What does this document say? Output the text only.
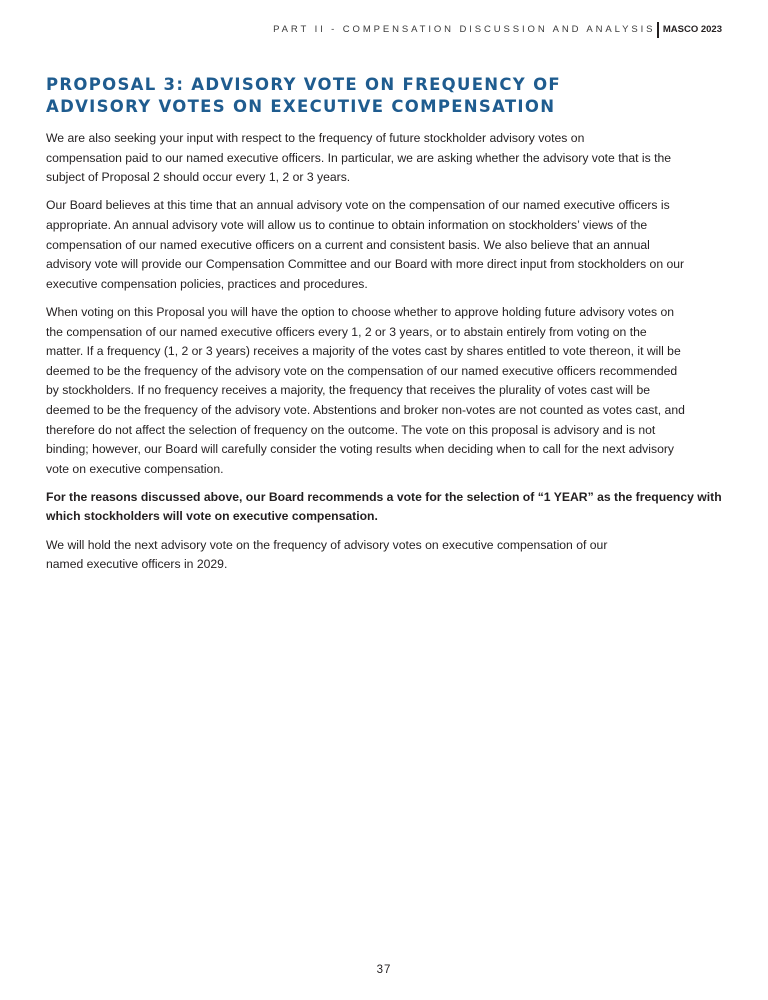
PART II - COMPENSATION DISCUSSION AND ANALYSIS MASCO 2023
PROPOSAL 3: ADVISORY VOTE ON FREQUENCY OF
ADVISORY VOTES ON EXECUTIVE COMPENSATION

We are also seeking your input with respect to the frequency of future stockholder advisory votes on
compensation paid to our named executive officers. In particular, we are asking whether the advisory vote that is the
subject of Proposal 2 should occur every 1, 2 or 3 years.

Our Board believes at this time that an annual advisory vote on the compensation of our named executive officers is
appropriate. An annual advisory vote will allow us to continue to obtain information on stockholders’ views of the
compensation of our named executive officers on a current and consistent basis. We also believe that an annual
advisory vote will provide our Compensation Committee and our Board with more direct input from stockholders on our
executive compensation policies, practices and procedures.

When voting on this Proposal you will have the option to choose whether to approve holding future advisory votes on
the compensation of our named executive officers every 1, 2 or 3 years, or to abstain entirely from voting on the
matter. If a frequency (1, 2 or 3 years) receives a majority of the votes cast by shares entitled to vote thereon, it will be
deemed to be the frequency of the advisory vote on the compensation of our named executive officers recommended
by stockholders. If no frequency receives a majority, the frequency that receives the plurality of votes cast will be
deemed to be the frequency of the advisory vote. Abstentions and broker non-votes are not counted as votes cast, and
therefore do not affect the selection of frequency on the outcome. The vote on this proposal is advisory and is not
binding; however, our Board will carefully consider the voting results when deciding when to call for the next advisory
vote on executive compensation.

For the reasons discussed above, our Board recommends a vote for the selection of “1 YEAR” as the frequency with
which stockholders will vote on executive compensation.

We will hold the next advisory vote on the frequency of advisory votes on executive compensation of our
named executive officers in 2029.

37
